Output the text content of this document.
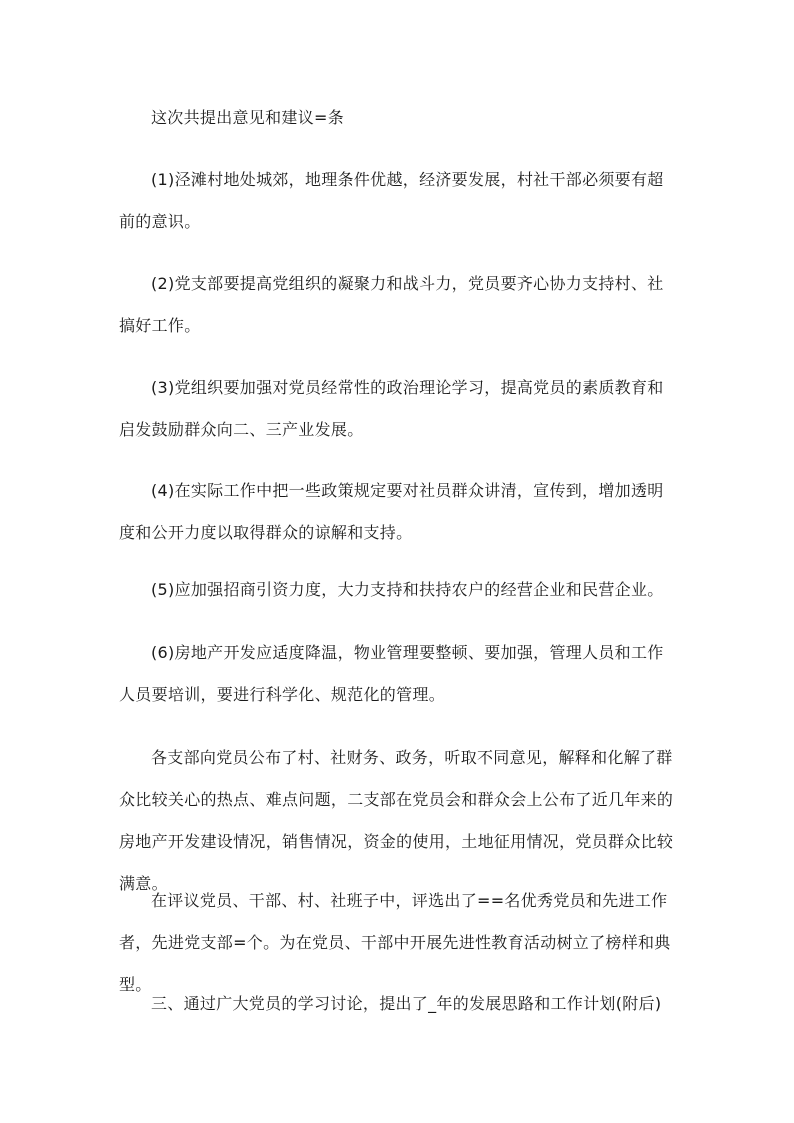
这次共提出意见和建议=条

(1)泾滩村地处城郊，地理条件优越，经济要发展，村社干部必须要有超前的意识。

(2)党支部要提高党组织的凝聚力和战斗力，党员要齐心协力支持村、社搞好工作。

(3)党组织要加强对党员经常性的政治理论学习，提高党员的素质教育和启发鼓励群众向二、三产业发展。

(4)在实际工作中把一些政策规定要对社员群众讲清，宣传到，增加透明度和公开力度以取得群众的谅解和支持。

(5)应加强招商引资力度，大力支持和扶持农户的经营企业和民营企业。

(6)房地产开发应适度降温，物业管理要整顿、要加强，管理人员和工作人员要培训，要进行科学化、规范化的管理。

各支部向党员公布了村、社财务、政务，听取不同意见，解释和化解了群众比较关心的热点、难点问题，二支部在党员会和群众会上公布了近几年来的房地产开发建设情况，销售情况，资金的使用，土地征用情况，党员群众比较满意。

在评议党员、干部、村、社班子中，评选出了==名优秀党员和先进工作者，先进党支部=个。为在党员、干部中开展先进性教育活动树立了榜样和典型。

三、通过广大党员的学习讨论，提出了_年的发展思路和工作计划(附后)
